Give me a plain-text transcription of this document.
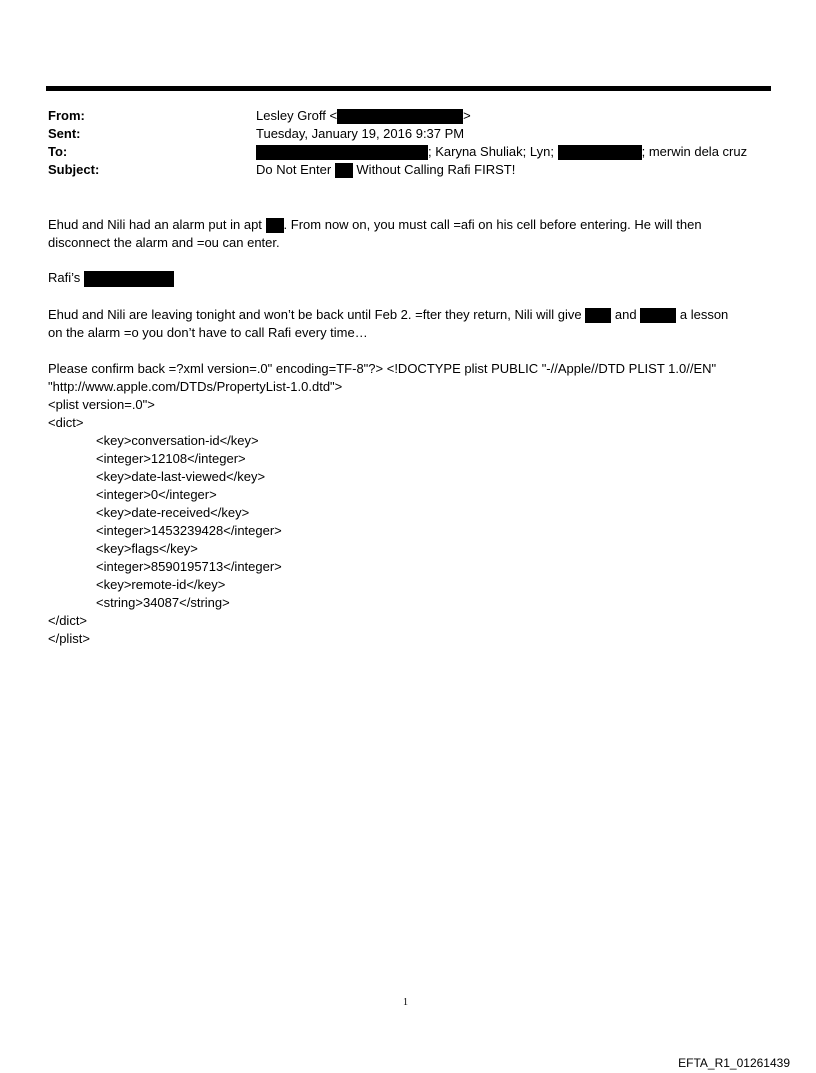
From:	Lesley Groff <	>
Sent:	Tuesday, January 19, 2016 9:37 PM
To:	; Karyna Shuliak; Lyn;	; merwin dela cruz
Subject:	Do Not Enter Without Calling Rafi FIRST!
Ehud and Nili had an alarm put in apt . From now on, you must call =afi on his cell before entering. He will then
disconnect the alarm and =ou can enter.
Rafi’s
Ehud and Nili are leaving tonight and won’t be back until Feb 2. =fter they return, Nili will give	and	a lesson
on the alarm =o you don’t have to call Rafi every time…
Please confirm back =?xml version=.0" encoding=TF-8"?> <!DOCTYPE plist PUBLIC "-//Apple//DTD PLIST 1.0//EN"
"http://www.apple.com/DTDs/PropertyList-1.0.dtd">
<plist version=.0">
<dict>
<key>conversation-id</key>
<integer>12108</integer>
<key>date-last-viewed</key>
<integer>0</integer>
<key>date-received</key>
<integer>1453239428</integer>
<key>flags</key>
<integer>8590195713</integer>
<key>remote-id</key>
<string>34087</string>
</dict>
</plist>
1
EFTA_R1_01261439
